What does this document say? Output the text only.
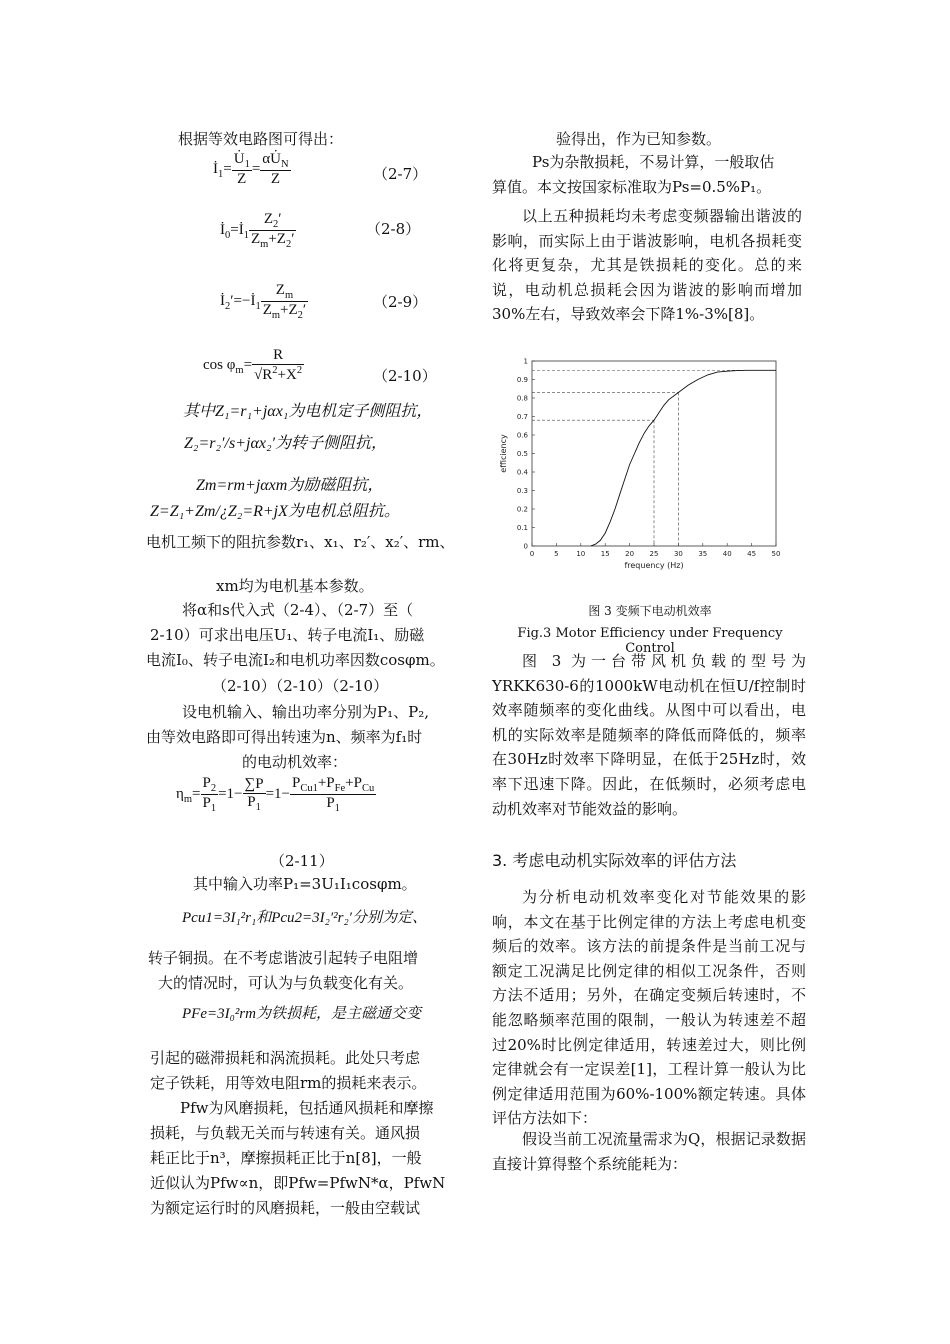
根据等效电路图可得出：
$İ_1= \frac{U̇_1}{Z} = \frac{\alpha U̇_N}{Z}$	（2-7）
$İ_0=İ_1 \frac{Z_2'}{Z_m+Z_2'}$	（2-8）
$İ_2'=-İ_1 \frac{Z_m}{Z_m+Z_2'}$	（2-9）
$\cos \varphi_m= \frac{R}{√R^2+X^2}$	（2-10）
其中Z₁=r₁+jαx₁为电机定子侧阻抗，
Z₂=r₂′/s+jαx₂′为转子侧阻抗，
Zm=rm+jαxm为励磁阻抗，
Z=Z₁+Zm/¿Z₂=R+jX为电机总阻抗。
电机工频下的阻抗参数r₁、x₁、r₂′、x₂′、rm、
xm均为电机基本参数。
将α和s代入式（2-4）、（2-7）至（
2-10）可求出电压U₁、转子电流I₁、励磁
电流I₀、转子电流I₂和电机功率因数cosφm。
（2-10）（2-10）（2-10）
设电机输入、输出功率分别为P₁、P₂,
由等效电路即可得出转速为n、频率为f₁时
的电动机效率：
$\eta_m= \frac{P_2}{P_1} =1- \frac{\sum P}{P_1} =1- \frac{P_{Cu1}+P_{Fe}+P_{Cu}}{P_1}$
（2-11）
其中输入功率P₁=3U₁I₁cosφm。
Pcu1=3I₁²r₁和Pcu2=3I₂′²r₂′分别为定、
转子铜损。在不考虑谐波引起转子电阻增
大的情况时，可认为与负载变化有关。
PFe=3I₀²rm为铁损耗，是主磁通交变
引起的磁滞损耗和涡流损耗。此处只考虑
定子铁耗，用等效电阻rm的损耗来表示。
Pfw为风磨损耗，包括通风损耗和摩擦
损耗，与负载无关而与转速有关。通风损
耗正比于n³，摩擦损耗正比于n[8]，一般
近似认为Pfw∝n，即Pfw=PfwN*α，PfwN
为额定运行时的风磨损耗，一般由空载试
验得出，作为已知参数。
Ps为杂散损耗，不易计算，一般取估
算值。本文按国家标准取为Ps=0.5%P₁。
以上五种损耗均未考虑变频器输出谐波的影响，而实际上由于谐波影响，电机各损耗变化将更复杂，尤其是铁损耗的变化。总的来说，电动机总损耗会因为谐波的影响而增加30%左右，导致效率会下降1%-3%[8]。
0	5	10 15 20 25 30 35 40 45 50
0
0.1
0.2
0.3
0.4
0.5
0.6
0.7
0.8
0.9
1
frequency (Hz)
efficiency
图 3 变频下电动机效率
Fig.3 Motor Efficiency under Frequency Control
图 3 为一台带风机负载的型号为YRKK630-6的1000kW电动机在恒U/f控制时效率随频率的变化曲线。从图中可以看出，电机的实际效率是随频率的降低而降低的，频率在30Hz时效率下降明显，在低于25Hz时，效率下迅速下降。因此，在低频时，必须考虑电动机效率对节能效益的影响。
3. 考虑电动机实际效率的评估方法
为分析电动机效率变化对节能效果的影响，本文在基于比例定律的方法上考虑电机变频后的效率。该方法的前提条件是当前工况与额定工况满足比例定律的相似工况条件，否则方法不适用；另外，在确定变频后转速时，不能忽略频率范围的限制，一般认为转速差不超过20%时比例定律适用，转速差过大，则比例定律就会有一定误差[1]，工程计算一般认为比例定律适用范围为60%-100%额定转速。具体评估方法如下：
假设当前工况流量需求为Q，根据记录数据直接计算得整个系统能耗为：
